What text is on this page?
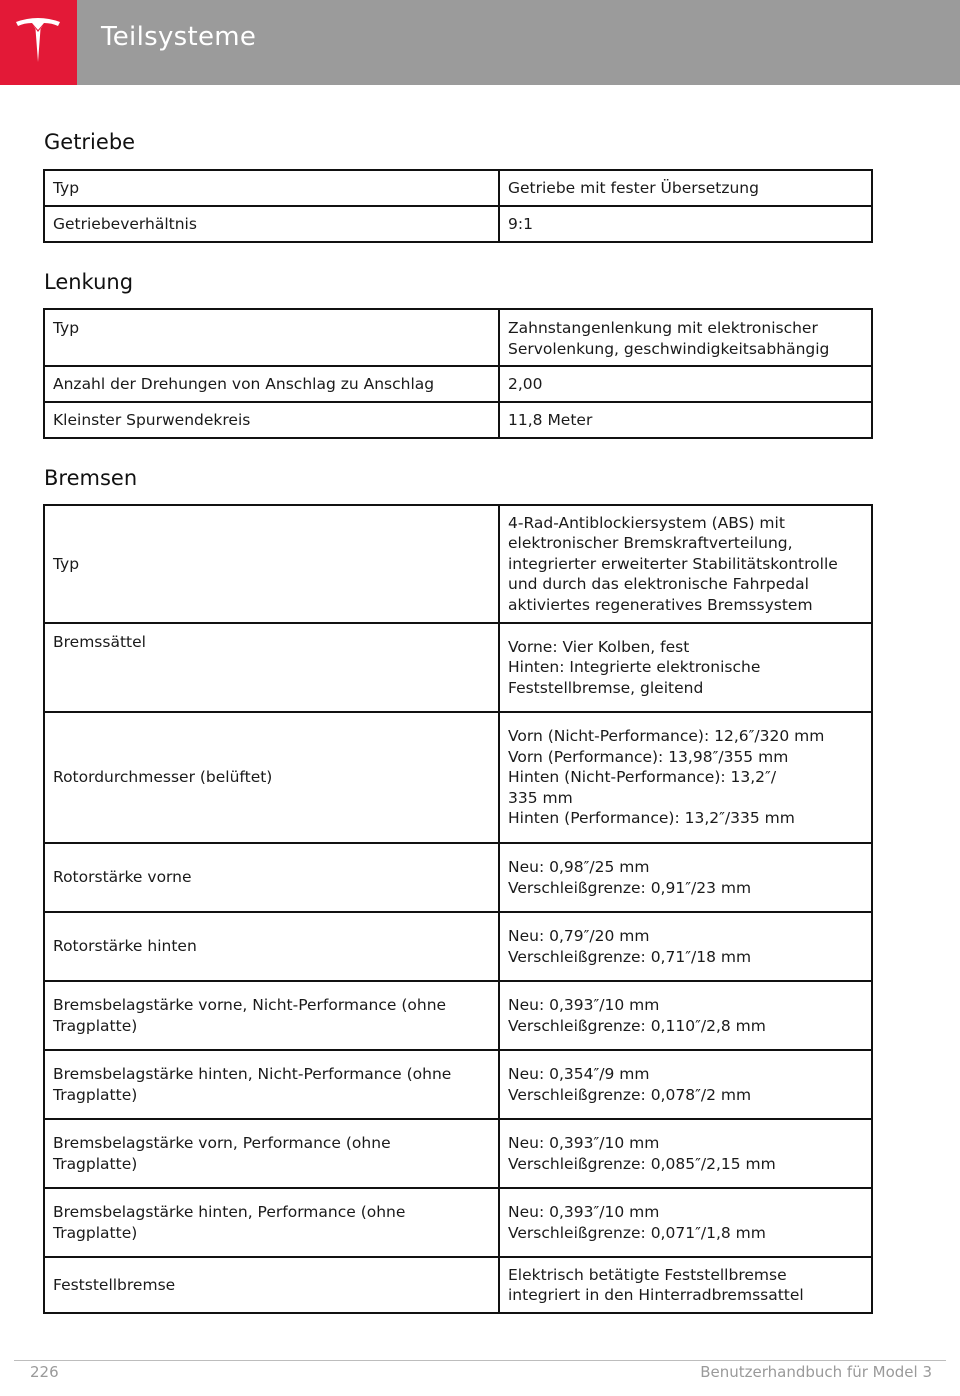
Teilsysteme
Getriebe
Typ	Getriebe mit fester Übersetzung
Getriebeverhältnis	9:1
Lenkung
Typ	Zahnstangenlenkung mit elektronischer
Servolenkung, geschwindigkeitsabhängig
Anzahl der Drehungen von Anschlag zu Anschlag	2,00
Kleinster Spurwendekreis	11,8 Meter
Bremsen
Typ	4-Rad-Antiblockiersystem (ABS) mit
elektronischer Bremskraftverteilung,
integrierter erweiterter Stabilitätskontrolle
und durch das elektronische Fahrpedal
aktiviertes regeneratives Bremssystem
Bremssättel	Vorne: Vier Kolben, fest
Hinten: Integrierte elektronische
Feststellbremse, gleitend
Rotordurchmesser (belüftet)	Vorn (Nicht-Performance): 12,6″/320 mm
Vorn (Performance): 13,98″/355 mm
Hinten (Nicht-Performance): 13,2″/
335 mm
Hinten (Performance): 13,2″/335 mm
Rotorstärke vorne	Neu: 0,98″/25 mm
Verschleißgrenze: 0,91″/23 mm
Rotorstärke hinten	Neu: 0,79″/20 mm
Verschleißgrenze: 0,71″/18 mm
Bremsbelagstärke vorne, Nicht-Performance (ohne
Tragplatte)	Neu: 0,393″/10 mm
Verschleißgrenze: 0,110″/2,8 mm
Bremsbelagstärke hinten, Nicht-Performance (ohne
Tragplatte)	Neu: 0,354″/9 mm
Verschleißgrenze: 0,078″/2 mm
Bremsbelagstärke vorn, Performance (ohne
Tragplatte)	Neu: 0,393″/10 mm
Verschleißgrenze: 0,085″/2,15 mm
Bremsbelagstärke hinten, Performance (ohne
Tragplatte)	Neu: 0,393″/10 mm
Verschleißgrenze: 0,071″/1,8 mm
Feststellbremse	Elektrisch betätigte Feststellbremse
integriert in den Hinterradbremssattel
226	Benutzerhandbuch für Model 3
